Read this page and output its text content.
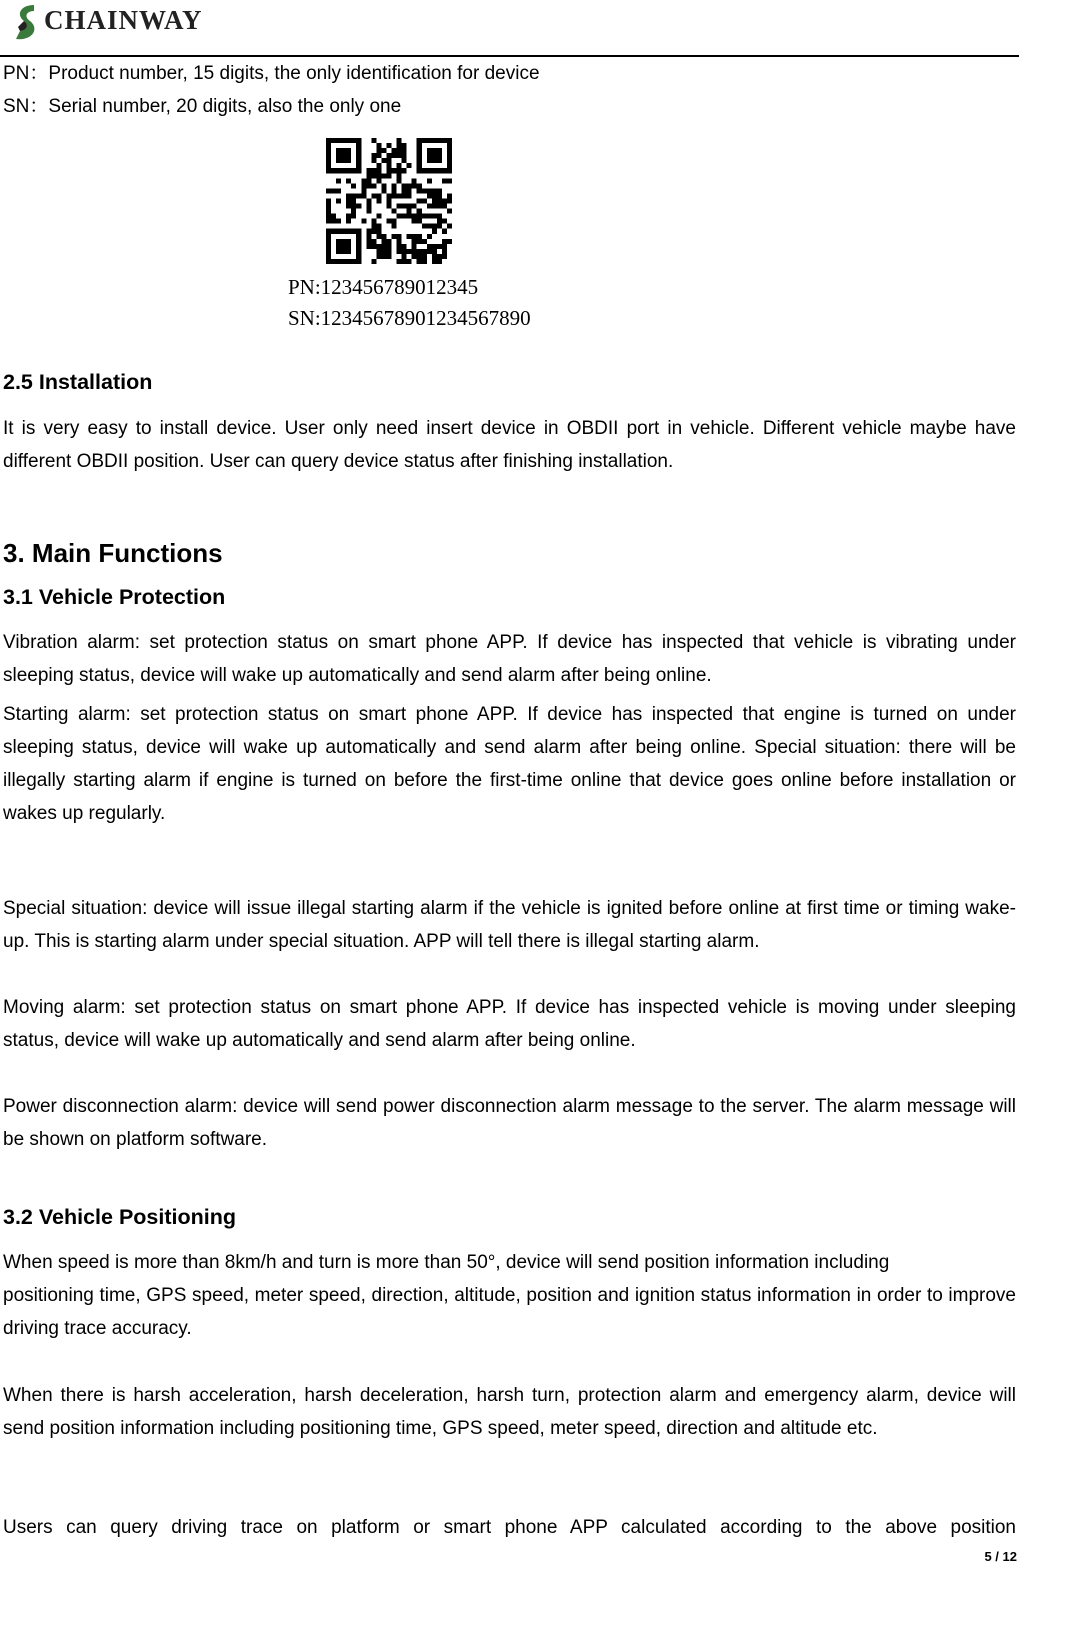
CHAINWAY
PN：Product number, 15 digits, the only identification for device
SN：Serial number, 20 digits, also the only one
PN:123456789012345
SN:12345678901234567890
2.5 Installation
It is very easy to install device. User only need insert device in OBDII port in vehicle. Different vehicle maybe have different OBDII position. User can query device status after finishing installation.
3. Main Functions
3.1 Vehicle Protection
Vibration alarm: set protection status on smart phone APP. If device has inspected that vehicle is vibrating under sleeping status, device will wake up automatically and send alarm after being online.
Starting alarm: set protection status on smart phone APP. If device has inspected that engine is turned on under sleeping status, device will wake up automatically and send alarm after being online. Special situation: there will be illegally starting alarm if engine is turned on before the first-time online that device goes online before installation or wakes up regularly.
Special situation: device will issue illegal starting alarm if the vehicle is ignited before online at first time or timing wake-up. This is starting alarm under special situation. APP will tell there is illegal starting alarm.
Moving alarm: set protection status on smart phone APP. If device has inspected vehicle is moving under sleeping status, device will wake up automatically and send alarm after being online.
Power disconnection alarm: device will send power disconnection alarm message to the server. The alarm message will be shown on platform software.
3.2 Vehicle Positioning
When speed is more than 8km/h and turn is more than 50°, device will send position information including
positioning time, GPS speed, meter speed, direction, altitude, position and ignition status information in order to improve driving trace accuracy.
When there is harsh acceleration, harsh deceleration, harsh turn, protection alarm and emergency alarm, device will send position information including positioning time, GPS speed, meter speed, direction and altitude etc.
Users can query driving trace on platform or smart phone APP calculated according to the above position
5 / 12
